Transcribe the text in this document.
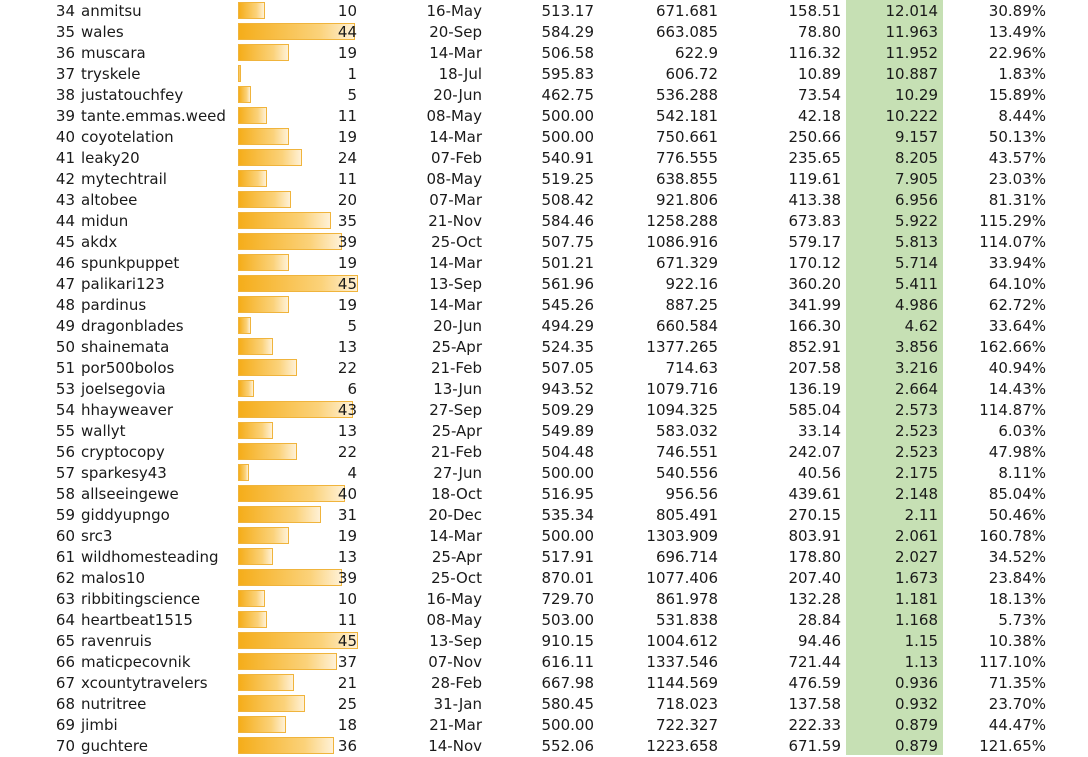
34 anmitsu	10	16-May	513.17	671.681	158.51	12.014	30.89%
35 wales	44	20-Sep	584.29	663.085	78.80	11.963	13.49%
36 muscara	19	14-Mar	506.58	622.9	116.32	11.952	22.96%
37 tryskele	1	18-Jul	595.83	606.72	10.89	10.887	1.83%
38 justatouchfey	5	20-Jun	462.75	536.288	73.54	10.29	15.89%
39 tante.emmas.weed	11	08-May	500.00	542.181	42.18	10.222	8.44%
40 coyotelation	19	14-Mar	500.00	750.661	250.66	9.157	50.13%
41 leaky20	24	07-Feb	540.91	776.555	235.65	8.205	43.57%
42 mytechtrail	11	08-May	519.25	638.855	119.61	7.905	23.03%
43 altobee	20	07-Mar	508.42	921.806	413.38	6.956	81.31%
44 midun	35	21-Nov	584.46	1258.288	673.83	5.922	115.29%
45 akdx	39	25-Oct	507.75	1086.916	579.17	5.813	114.07%
46 spunkpuppet	19	14-Mar	501.21	671.329	170.12	5.714	33.94%
47 palikari123	45	13-Sep	561.96	922.16	360.20	5.411	64.10%
48 pardinus	19	14-Mar	545.26	887.25	341.99	4.986	62.72%
49 dragonblades	5	20-Jun	494.29	660.584	166.30	4.62	33.64%
50 shainemata	13	25-Apr	524.35	1377.265	852.91	3.856	162.66%
51 por500bolos	22	21-Feb	507.05	714.63	207.58	3.216	40.94%
53 joelsegovia	6	13-Jun	943.52	1079.716	136.19	2.664	14.43%
54 hhayweaver	43	27-Sep	509.29	1094.325	585.04	2.573	114.87%
55 wallyt	13	25-Apr	549.89	583.032	33.14	2.523	6.03%
56 cryptocopy	22	21-Feb	504.48	746.551	242.07	2.523	47.98%
57 sparkesy43	4	27-Jun	500.00	540.556	40.56	2.175	8.11%
58 allseeingewe	40	18-Oct	516.95	956.56	439.61	2.148	85.04%
59 giddyupngo	31	20-Dec	535.34	805.491	270.15	2.11	50.46%
60 src3	19	14-Mar	500.00	1303.909	803.91	2.061	160.78%
61 wildhomesteading	13	25-Apr	517.91	696.714	178.80	2.027	34.52%
62 malos10	39	25-Oct	870.01	1077.406	207.40	1.673	23.84%
63 ribbitingscience	10	16-May	729.70	861.978	132.28	1.181	18.13%
64 heartbeat1515	11	08-May	503.00	531.838	28.84	1.168	5.73%
65 ravenruis	45	13-Sep	910.15	1004.612	94.46	1.15	10.38%
66 maticpecovnik	37	07-Nov	616.11	1337.546	721.44	1.13	117.10%
67 xcountytravelers	21	28-Feb	667.98	1144.569	476.59	0.936	71.35%
68 nutritree	25	31-Jan	580.45	718.023	137.58	0.932	23.70%
69 jimbi	18	21-Mar	500.00	722.327	222.33	0.879	44.47%
70 guchtere	36	14-Nov	552.06	1223.658	671.59	0.879	121.65%
